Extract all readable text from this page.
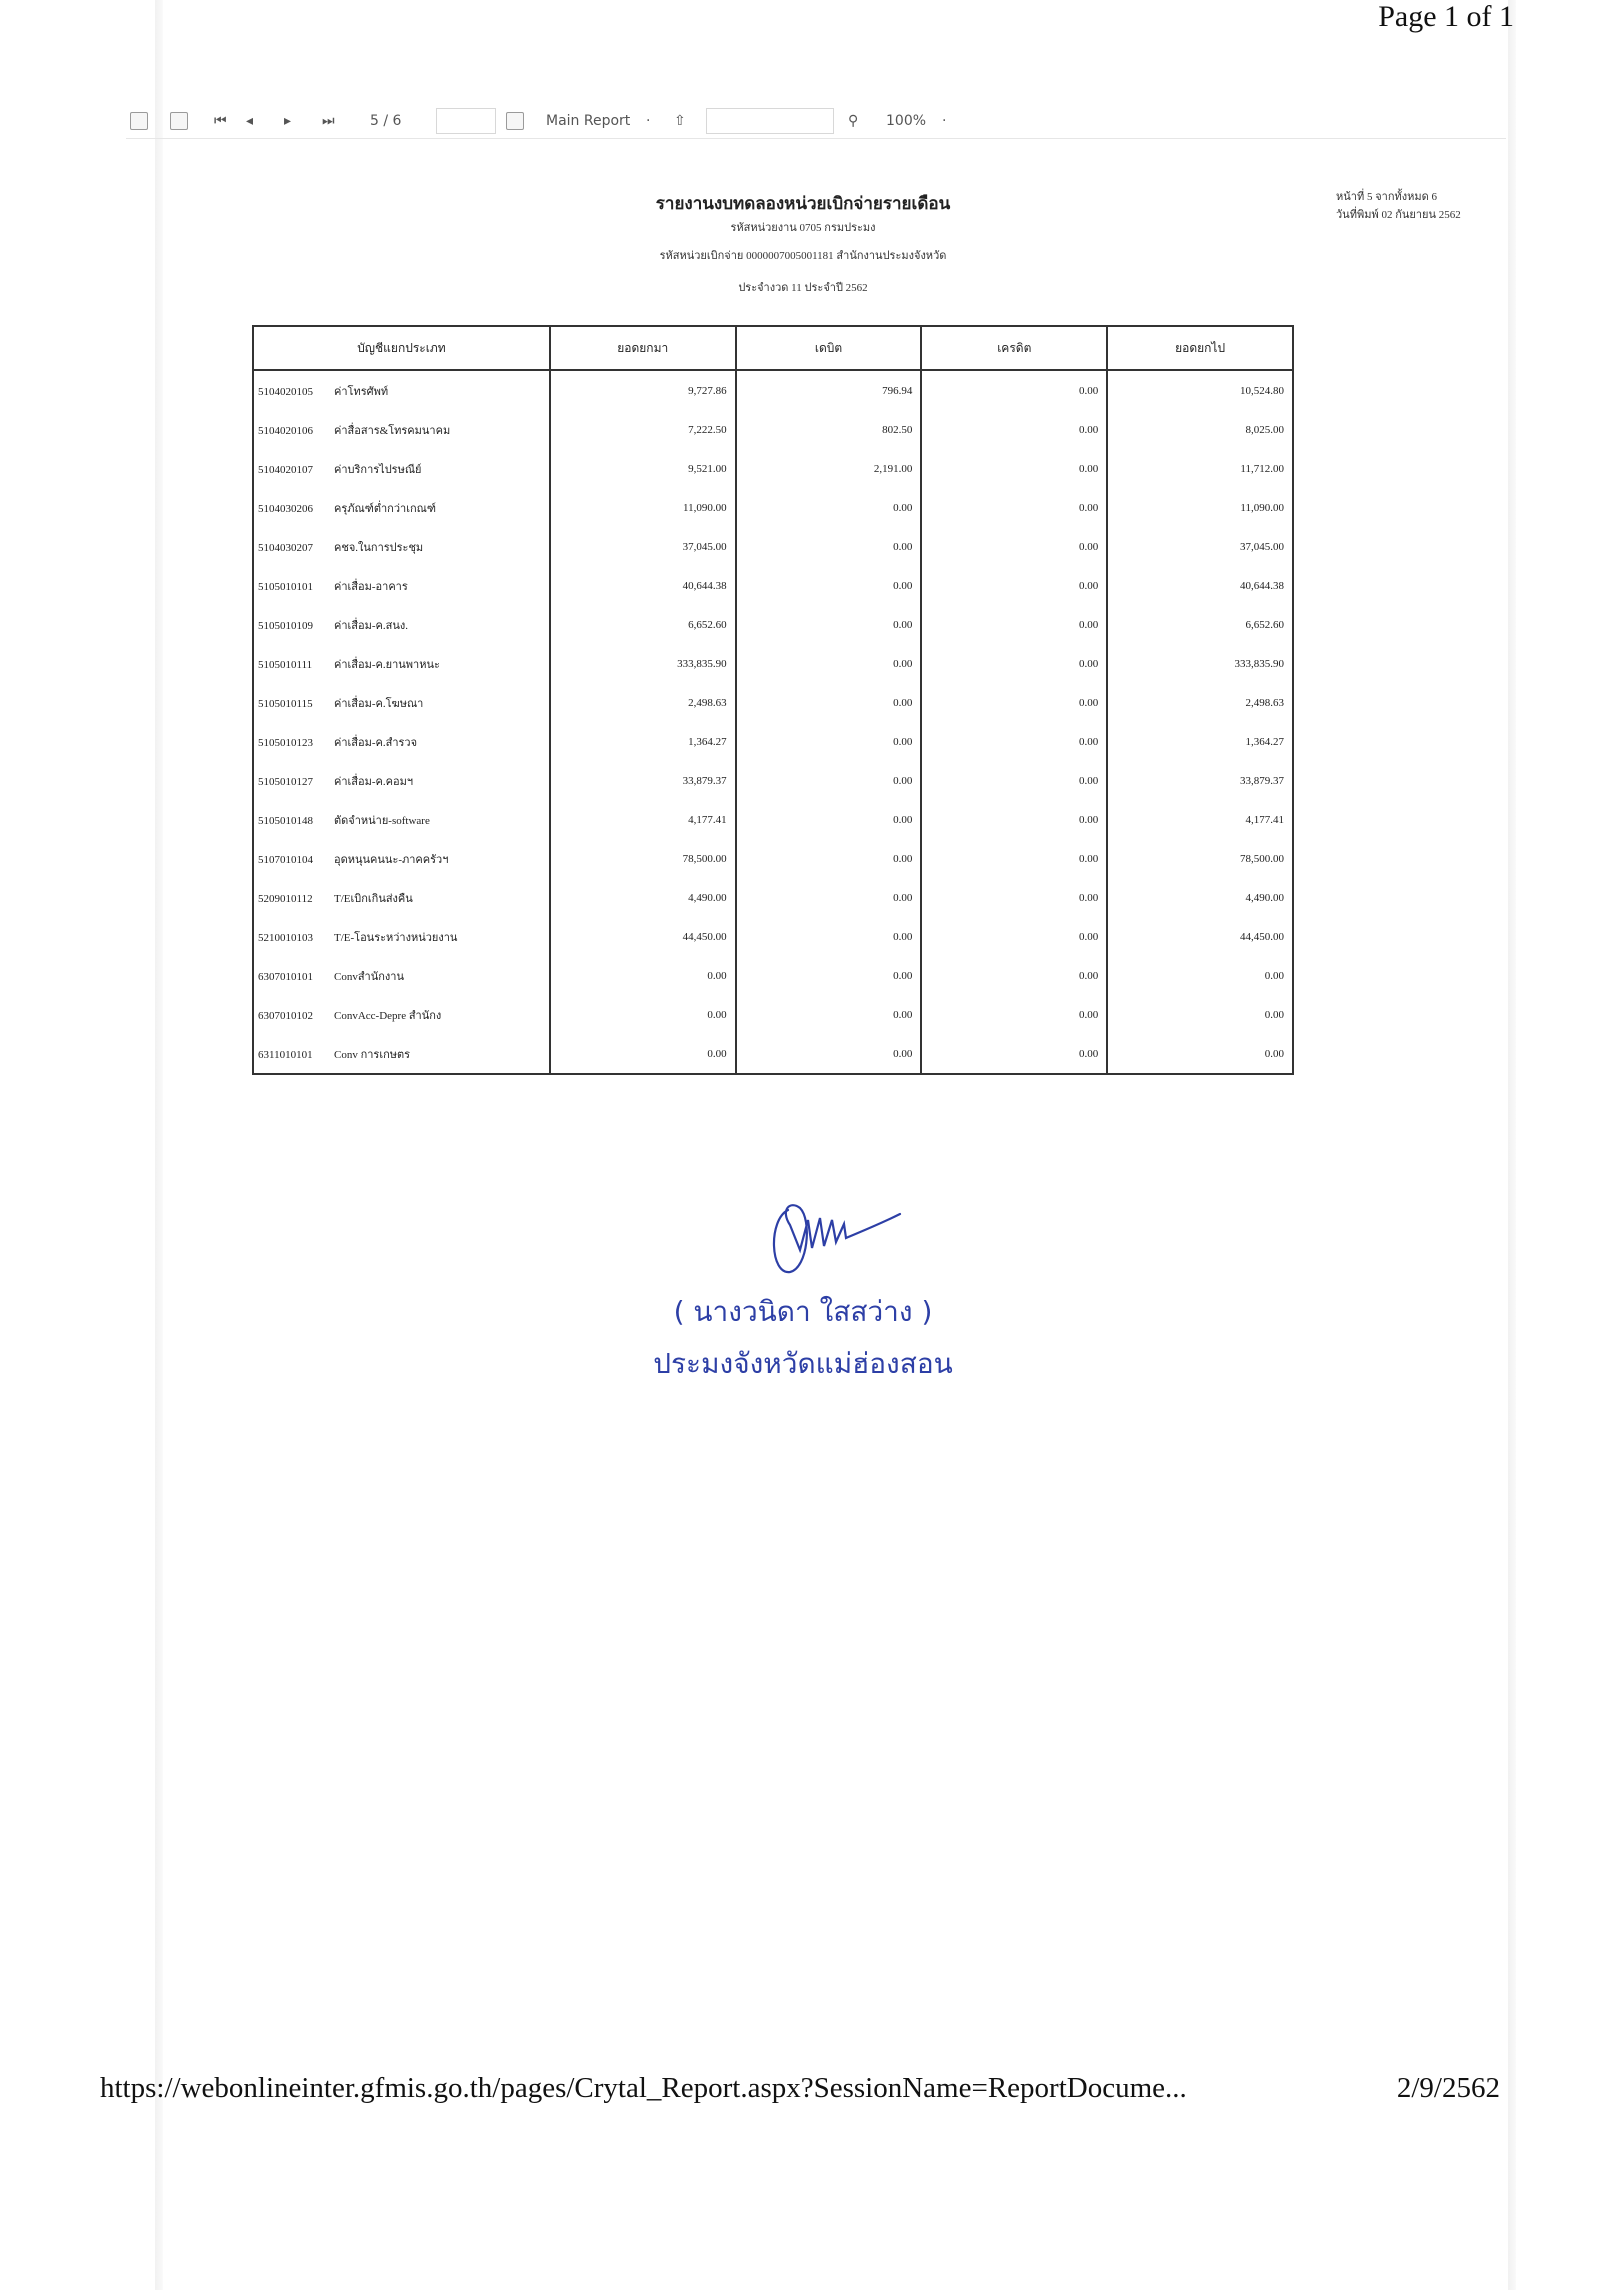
Page 1 of 1
⏮ ◂ ▸ ⏭	5 / 6	Main Report · ⇧	⚲ 100% ·
รายงานงบทดลองหน่วยเบิกจ่ายรายเดือน
รหัสหน่วยงาน 0705 กรมประมง
รหัสหน่วยเบิกจ่าย 0000007005001181 สำนักงานประมงจังหวัด
ประจำงวด 11 ประจำปี 2562
หน้าที่ 5 จากทั้งหมด 6
วันที่พิมพ์ 02 กันยายน 2562
บัญชีแยกประเภท	ยอดยกมา	เดบิต	เครดิต	ยอดยกไป
5104020105 ค่าโทรศัพท์	9,727.86	796.94	0.00	10,524.80
5104020106 ค่าสื่อสาร&โทรคมนาคม	7,222.50	802.50	0.00	8,025.00
5104020107 ค่าบริการไปรษณีย์	9,521.00	2,191.00	0.00	11,712.00
5104030206 ครุภัณฑ์ต่ำกว่าเกณฑ์	11,090.00	0.00	0.00	11,090.00
5104030207 คชจ.ในการประชุม	37,045.00	0.00	0.00	37,045.00
5105010101 ค่าเสื่อม-อาคาร	40,644.38	0.00	0.00	40,644.38
5105010109 ค่าเสื่อม-ค.สนง.	6,652.60	0.00	0.00	6,652.60
5105010111 ค่าเสื่อม-ค.ยานพาหนะ	333,835.90	0.00	0.00	333,835.90
5105010115 ค่าเสื่อม-ค.โฆษณา	2,498.63	0.00	0.00	2,498.63
5105010123 ค่าเสื่อม-ค.สำรวจ	1,364.27	0.00	0.00	1,364.27
5105010127 ค่าเสื่อม-ค.คอมฯ	33,879.37	0.00	0.00	33,879.37
5105010148 ตัดจำหน่าย-software	4,177.41	0.00	0.00	4,177.41
5107010104 อุดหนุนคนนะ-ภาคครัวฯ	78,500.00	0.00	0.00	78,500.00
5209010112 T/Eเบิกเกินส่งคืน	4,490.00	0.00	0.00	4,490.00
5210010103 T/E-โอนระหว่างหน่วยงาน	44,450.00	0.00	0.00	44,450.00
6307010101 Convสำนักงาน	0.00	0.00	0.00	0.00
6307010102 ConvAcc-Depre สำนักง	0.00	0.00	0.00	0.00
6311010101 Conv การเกษตร	0.00	0.00	0.00	0.00
( นางวนิดา ใสสว่าง )
ประมงจังหวัดแม่ฮ่องสอน
https://webonlineinter.gfmis.go.th/pages/Crytal_Report.aspx?SessionName=ReportDocume...	2/9/2562
